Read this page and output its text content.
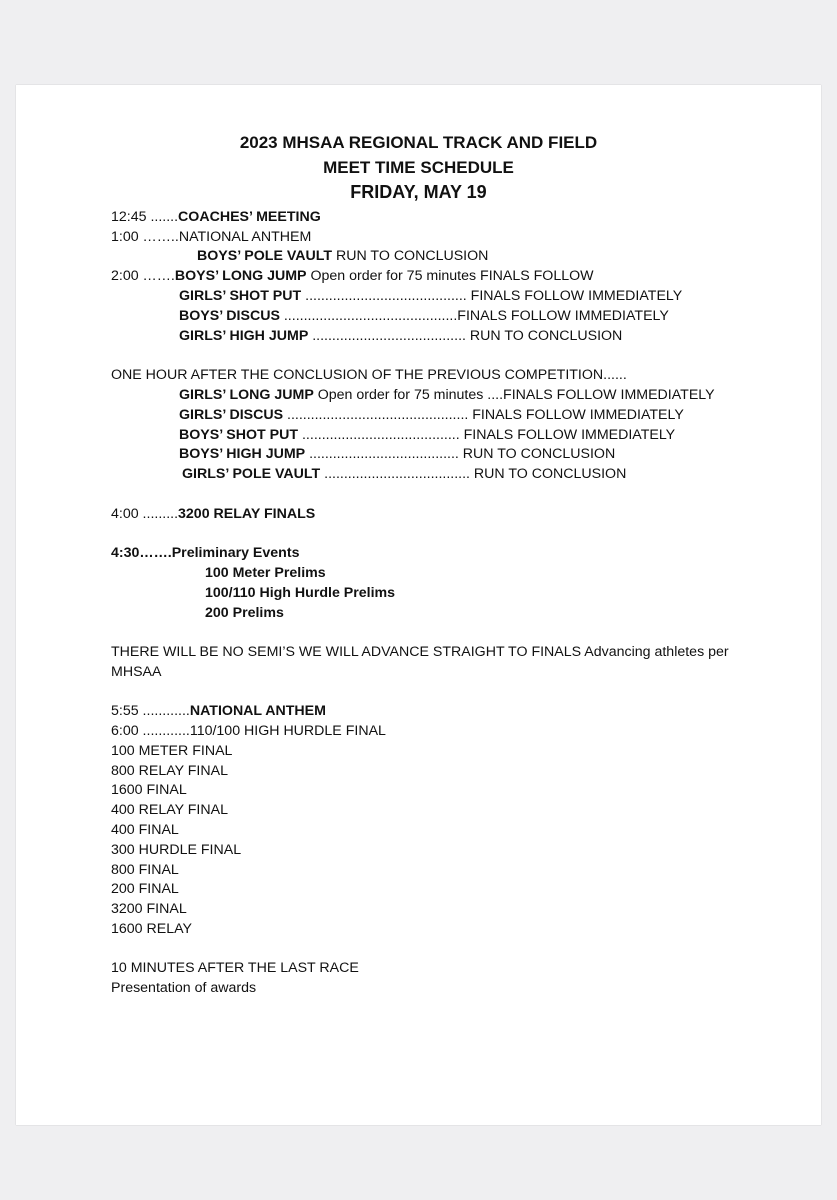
2023 MHSAA REGIONAL TRACK AND FIELD
MEET TIME SCHEDULE
FRIDAY, MAY 19

12:45 .......COACHES’ MEETING

1:00 ……..NATIONAL ANTHEM

BOYS’ POLE VAULT RUN TO CONCLUSION

2:00 …….BOYS’ LONG JUMP Open order for 75 minutes FINALS FOLLOW

GIRLS’ SHOT PUT ......................................... FINALS FOLLOW IMMEDIATELY

BOYS’ DISCUS ............................................FINALS FOLLOW IMMEDIATELY

GIRLS’ HIGH JUMP ....................................... RUN TO CONCLUSION

ONE HOUR AFTER THE CONCLUSION OF THE PREVIOUS COMPETITION......

GIRLS’ LONG JUMP Open order for 75 minutes ....FINALS FOLLOW IMMEDIATELY

GIRLS’ DISCUS .............................................. FINALS FOLLOW IMMEDIATELY

BOYS’ SHOT PUT ........................................ FINALS FOLLOW IMMEDIATELY

BOYS’ HIGH JUMP ...................................... RUN TO CONCLUSION

GIRLS’ POLE VAULT ..................................... RUN TO CONCLUSION

4:00 .........3200 RELAY FINALS

4:30…….Preliminary Events

100 Meter Prelims

100/110 High Hurdle Prelims

200 Prelims

THERE WILL BE NO SEMI’S WE WILL ADVANCE STRAIGHT TO FINALS Advancing athletes per

MHSAA

5:55 ............NATIONAL ANTHEM

6:00 ............110/100 HIGH HURDLE FINAL

100 METER FINAL

800 RELAY FINAL

1600 FINAL

400 RELAY FINAL

400 FINAL

300 HURDLE FINAL

800 FINAL

200 FINAL

3200 FINAL

1600 RELAY

10 MINUTES AFTER THE LAST RACE

Presentation of awards
